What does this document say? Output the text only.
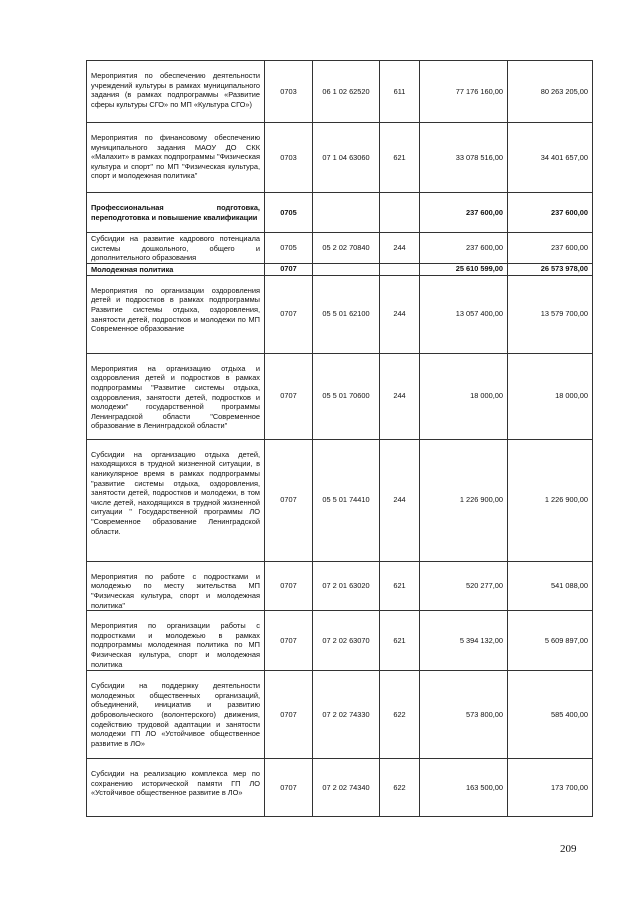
Мероприятия по обеспечению деятельности учреждений культуры в рамках муниципального задания (в рамках подпрограммы «Развитие сферы культуры СГО» по МП «Культура СГО»)	0703	06 1 02 62520	611	77 176 160,00	80 263 205,00

Мероприятия по финансовому обеспечению муниципального задания МАОУ ДО СКК «Малахит» в рамках подпрограммы "Физическая культура и спорт" по МП "Физическая культура, спорт и молодежная политика"	0703	07 1 04 63060	621	33 078 516,00	34 401 657,00

Профессиональная подготовка, переподготовка и повышение квалификации	0705			237 600,00	237 600,00

Субсидии на развитие кадрового потенциала системы дошкольного, общего и дополнительного образования	0705	05 2 02 70840	244	237 600,00	237 600,00

Молодежная политика	0707			25 610 599,00	26 573 978,00

Мероприятия по организации оздоровления детей и подростков в рамках подпрограммы Развитие системы отдыха, оздоровления, занятости детей, подростков и молодежи по МП Современное образование	0707	05 5 01 62100	244	13 057 400,00	13 579 700,00

Мероприятия на организацию отдыха и оздоровления детей и подростков в рамках подпрограммы "Развитие системы отдыха, оздоровления, занятости детей, подростков и молодежи" государственной программы Ленинградской области "Современное образование в Ленинградской области"	0707	05 5 01 70600	244	18 000,00	18 000,00

Субсидии на организацию отдыха детей, находящихся в трудной жизненной ситуации, в каникулярное время в рамках подпрограммы "развитие системы отдыха, оздоровления, занятости детей, подростков и молодежи, в том числе детей, находящихся в трудной жизненной ситуации " Государственной программы ЛО "Современное образование Ленинградской области.	0707	05 5 01 74410	244	1 226 900,00	1 226 900,00

Мероприятия по работе с подростками и молодежью по месту жительства МП "Физическая культура, спорт и молодежная политика"	0707	07 2 01 63020	621	520 277,00	541 088,00

Мероприятия по организации работы с подростками и молодежью в рамках подпрограммы молодежная политика по МП Физическая культура, спорт и молодежная политика	0707	07 2 02 63070	621	5 394 132,00	5 609 897,00

Субсидии на поддержку деятельности молодежных общественных организаций, объединений, инициатив и развитию добровольческого (волонтерского) движения, содействию трудовой адаптации и занятости молодежи ГП ЛО «Устойчивое общественное развитие в ЛО»	0707	07 2 02 74330	622	573 800,00	585 400,00

Субсидии на реализацию комплекса мер по сохранению исторической памяти ГП ЛО «Устойчивое общественное развитие в ЛО»	0707	07 2 02 74340	622	163 500,00	173 700,00
209
